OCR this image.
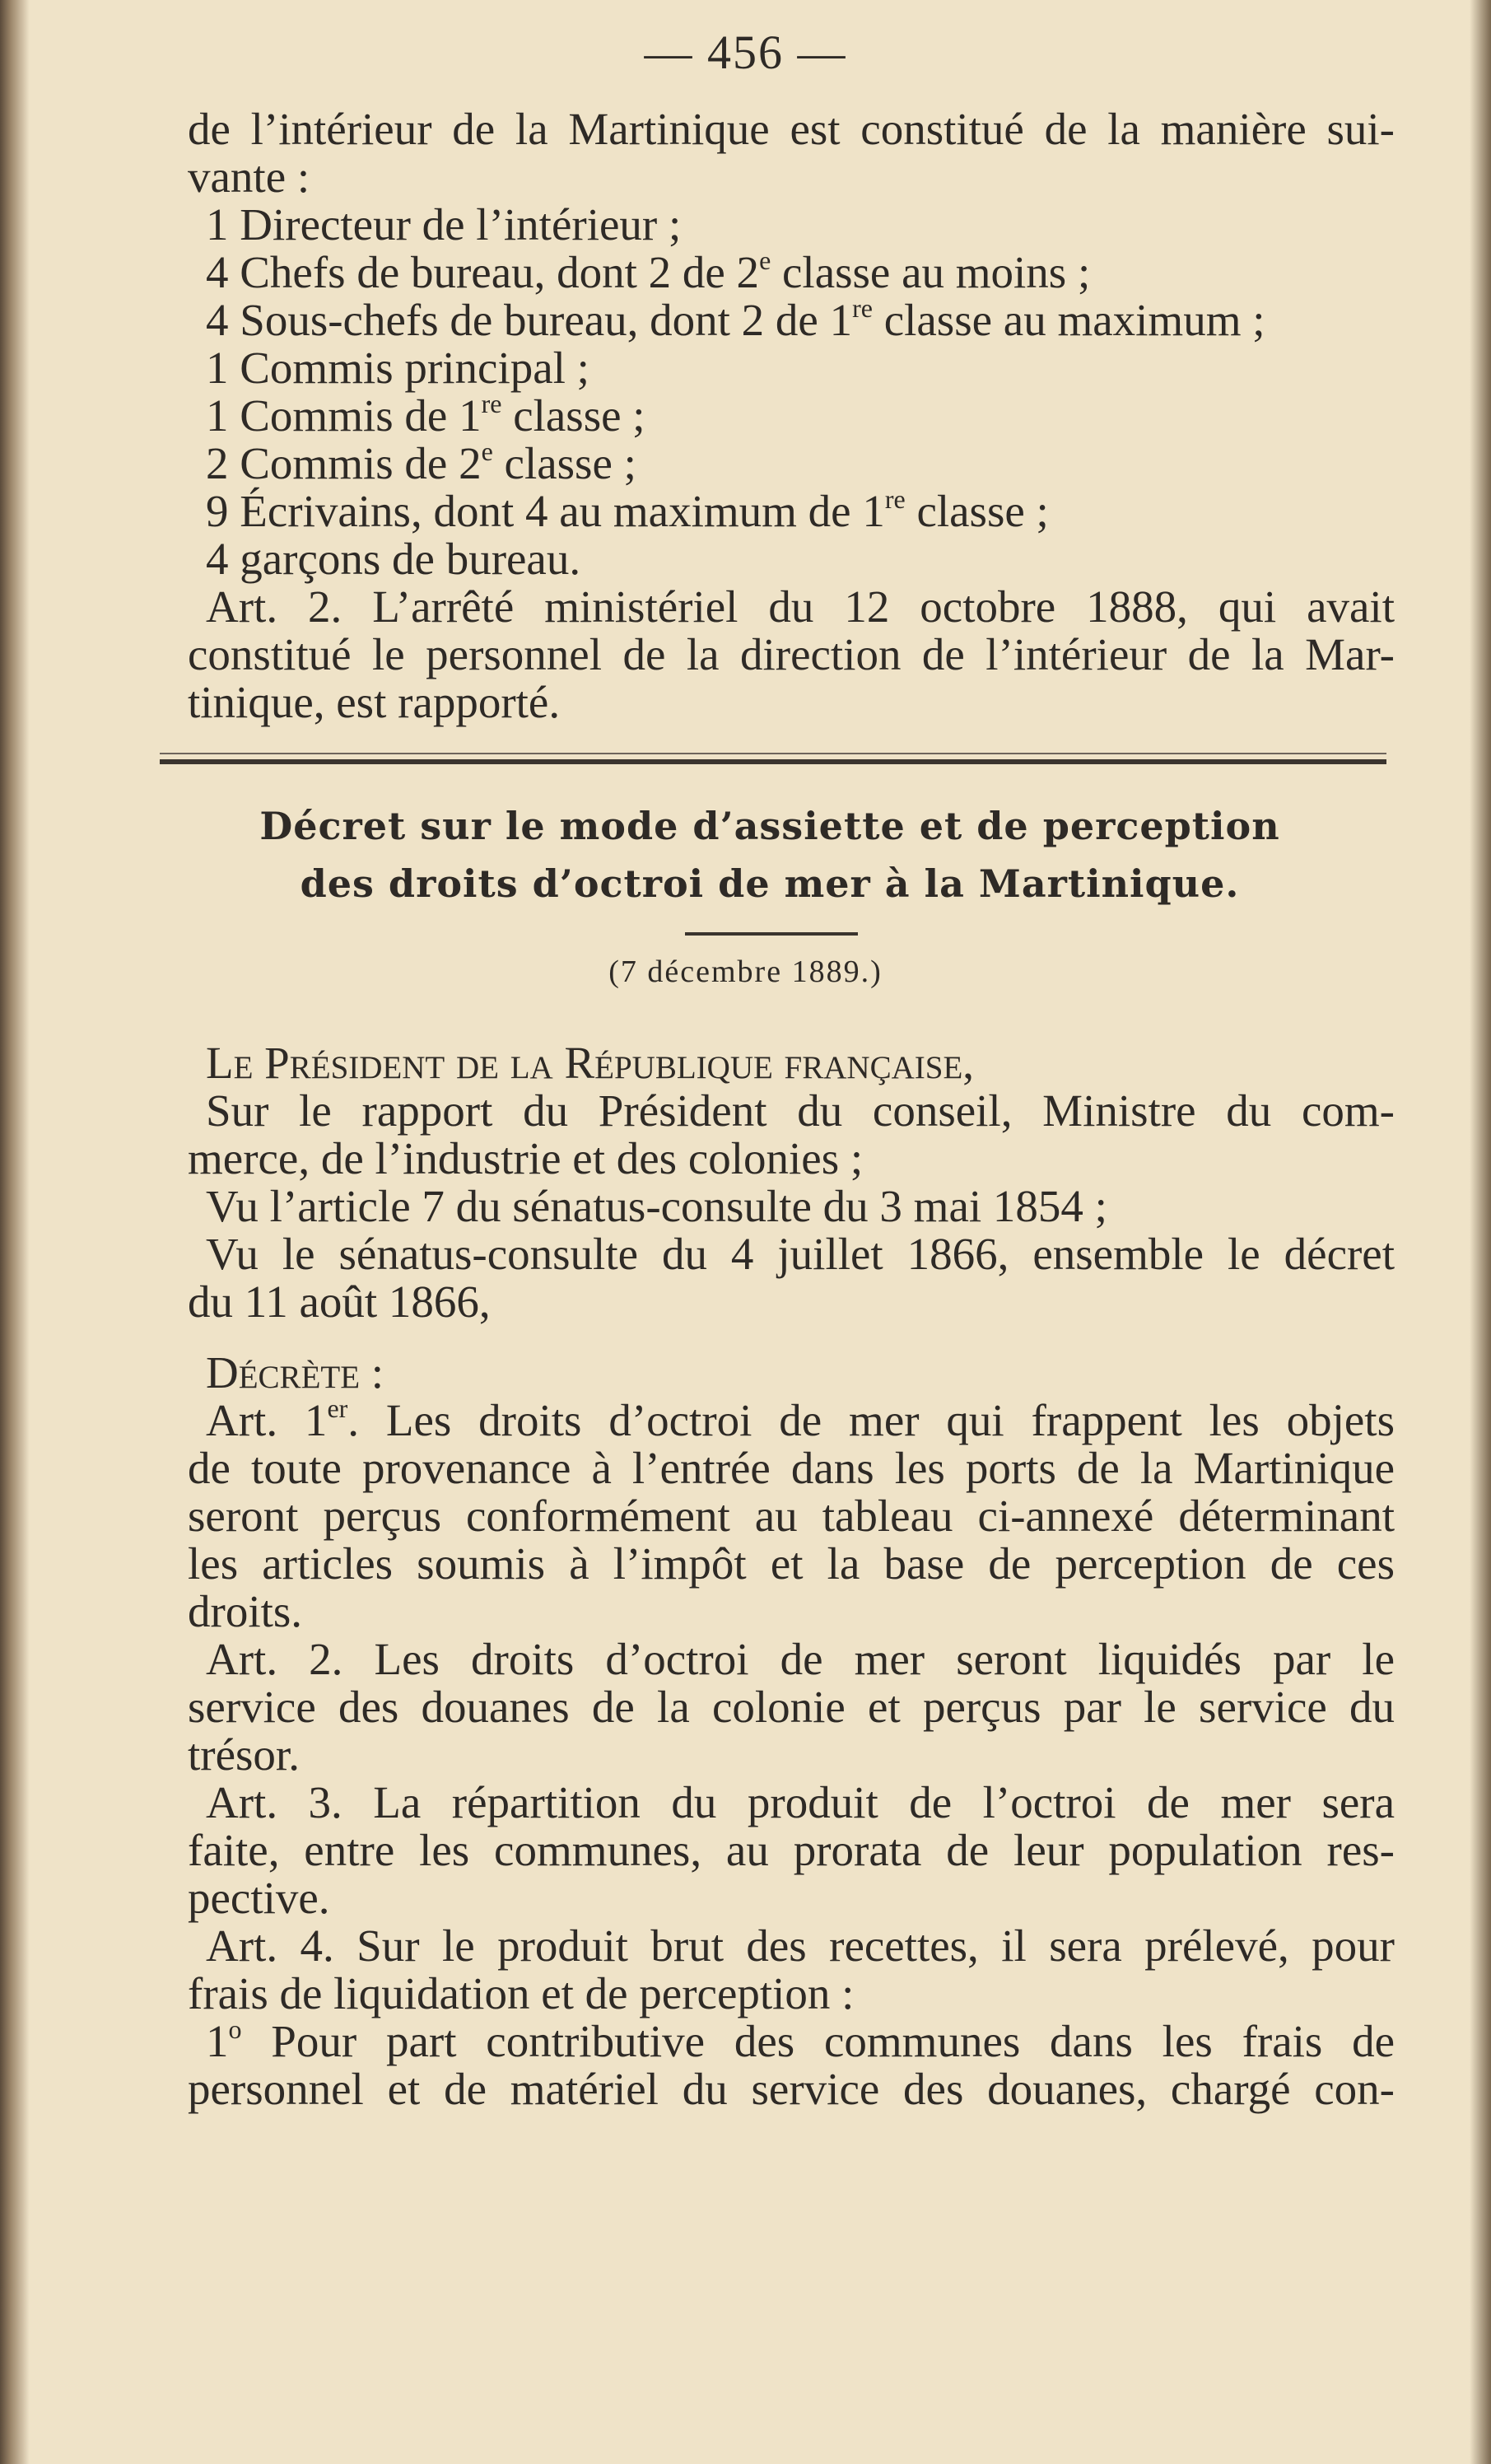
— 456 —
de l’intérieur de la Martinique est constitué de la manière sui-
vante :
1 Directeur de l’intérieur ;
4 Chefs de bureau, dont 2 de 2e classe au moins ;
4 Sous-chefs de bureau, dont 2 de 1re classe au maximum ;
1 Commis principal ;
1 Commis de 1re classe ;
2 Commis de 2e classe ;
9 Écrivains, dont 4 au maximum de 1re classe ;
4 garçons de bureau.
Art. 2. L’arrêté ministériel du 12 octobre 1888, qui avait
constitué le personnel de la direction de l’intérieur de la Mar-
tinique, est rapporté.
Décret sur le mode d’assiette et de perception
des droits d’octroi de mer à la Martinique.
(7 décembre 1889.)
Le Président de la République française,
Sur le rapport du Président du conseil, Ministre du com-
merce, de l’industrie et des colonies ;
Vu l’article 7 du sénatus-consulte du 3 mai 1854 ;
Vu le sénatus-consulte du 4 juillet 1866, ensemble le décret
du 11 août 1866,
Décrète :
Art. 1er. Les droits d’octroi de mer qui frappent les objets
de toute provenance à l’entrée dans les ports de la Martinique
seront perçus conformément au tableau ci-annexé déterminant
les articles soumis à l’impôt et la base de perception de ces
droits.
Art. 2. Les droits d’octroi de mer seront liquidés par le
service des douanes de la colonie et perçus par le service du
trésor.
Art. 3. La répartition du produit de l’octroi de mer sera
faite, entre les communes, au prorata de leur population res-
pective.
Art. 4. Sur le produit brut des recettes, il sera prélevé, pour
frais de liquidation et de perception :
1$^o$ Pour part contributive des communes dans les frais de
personnel et de matériel du service des douanes, chargé con-
